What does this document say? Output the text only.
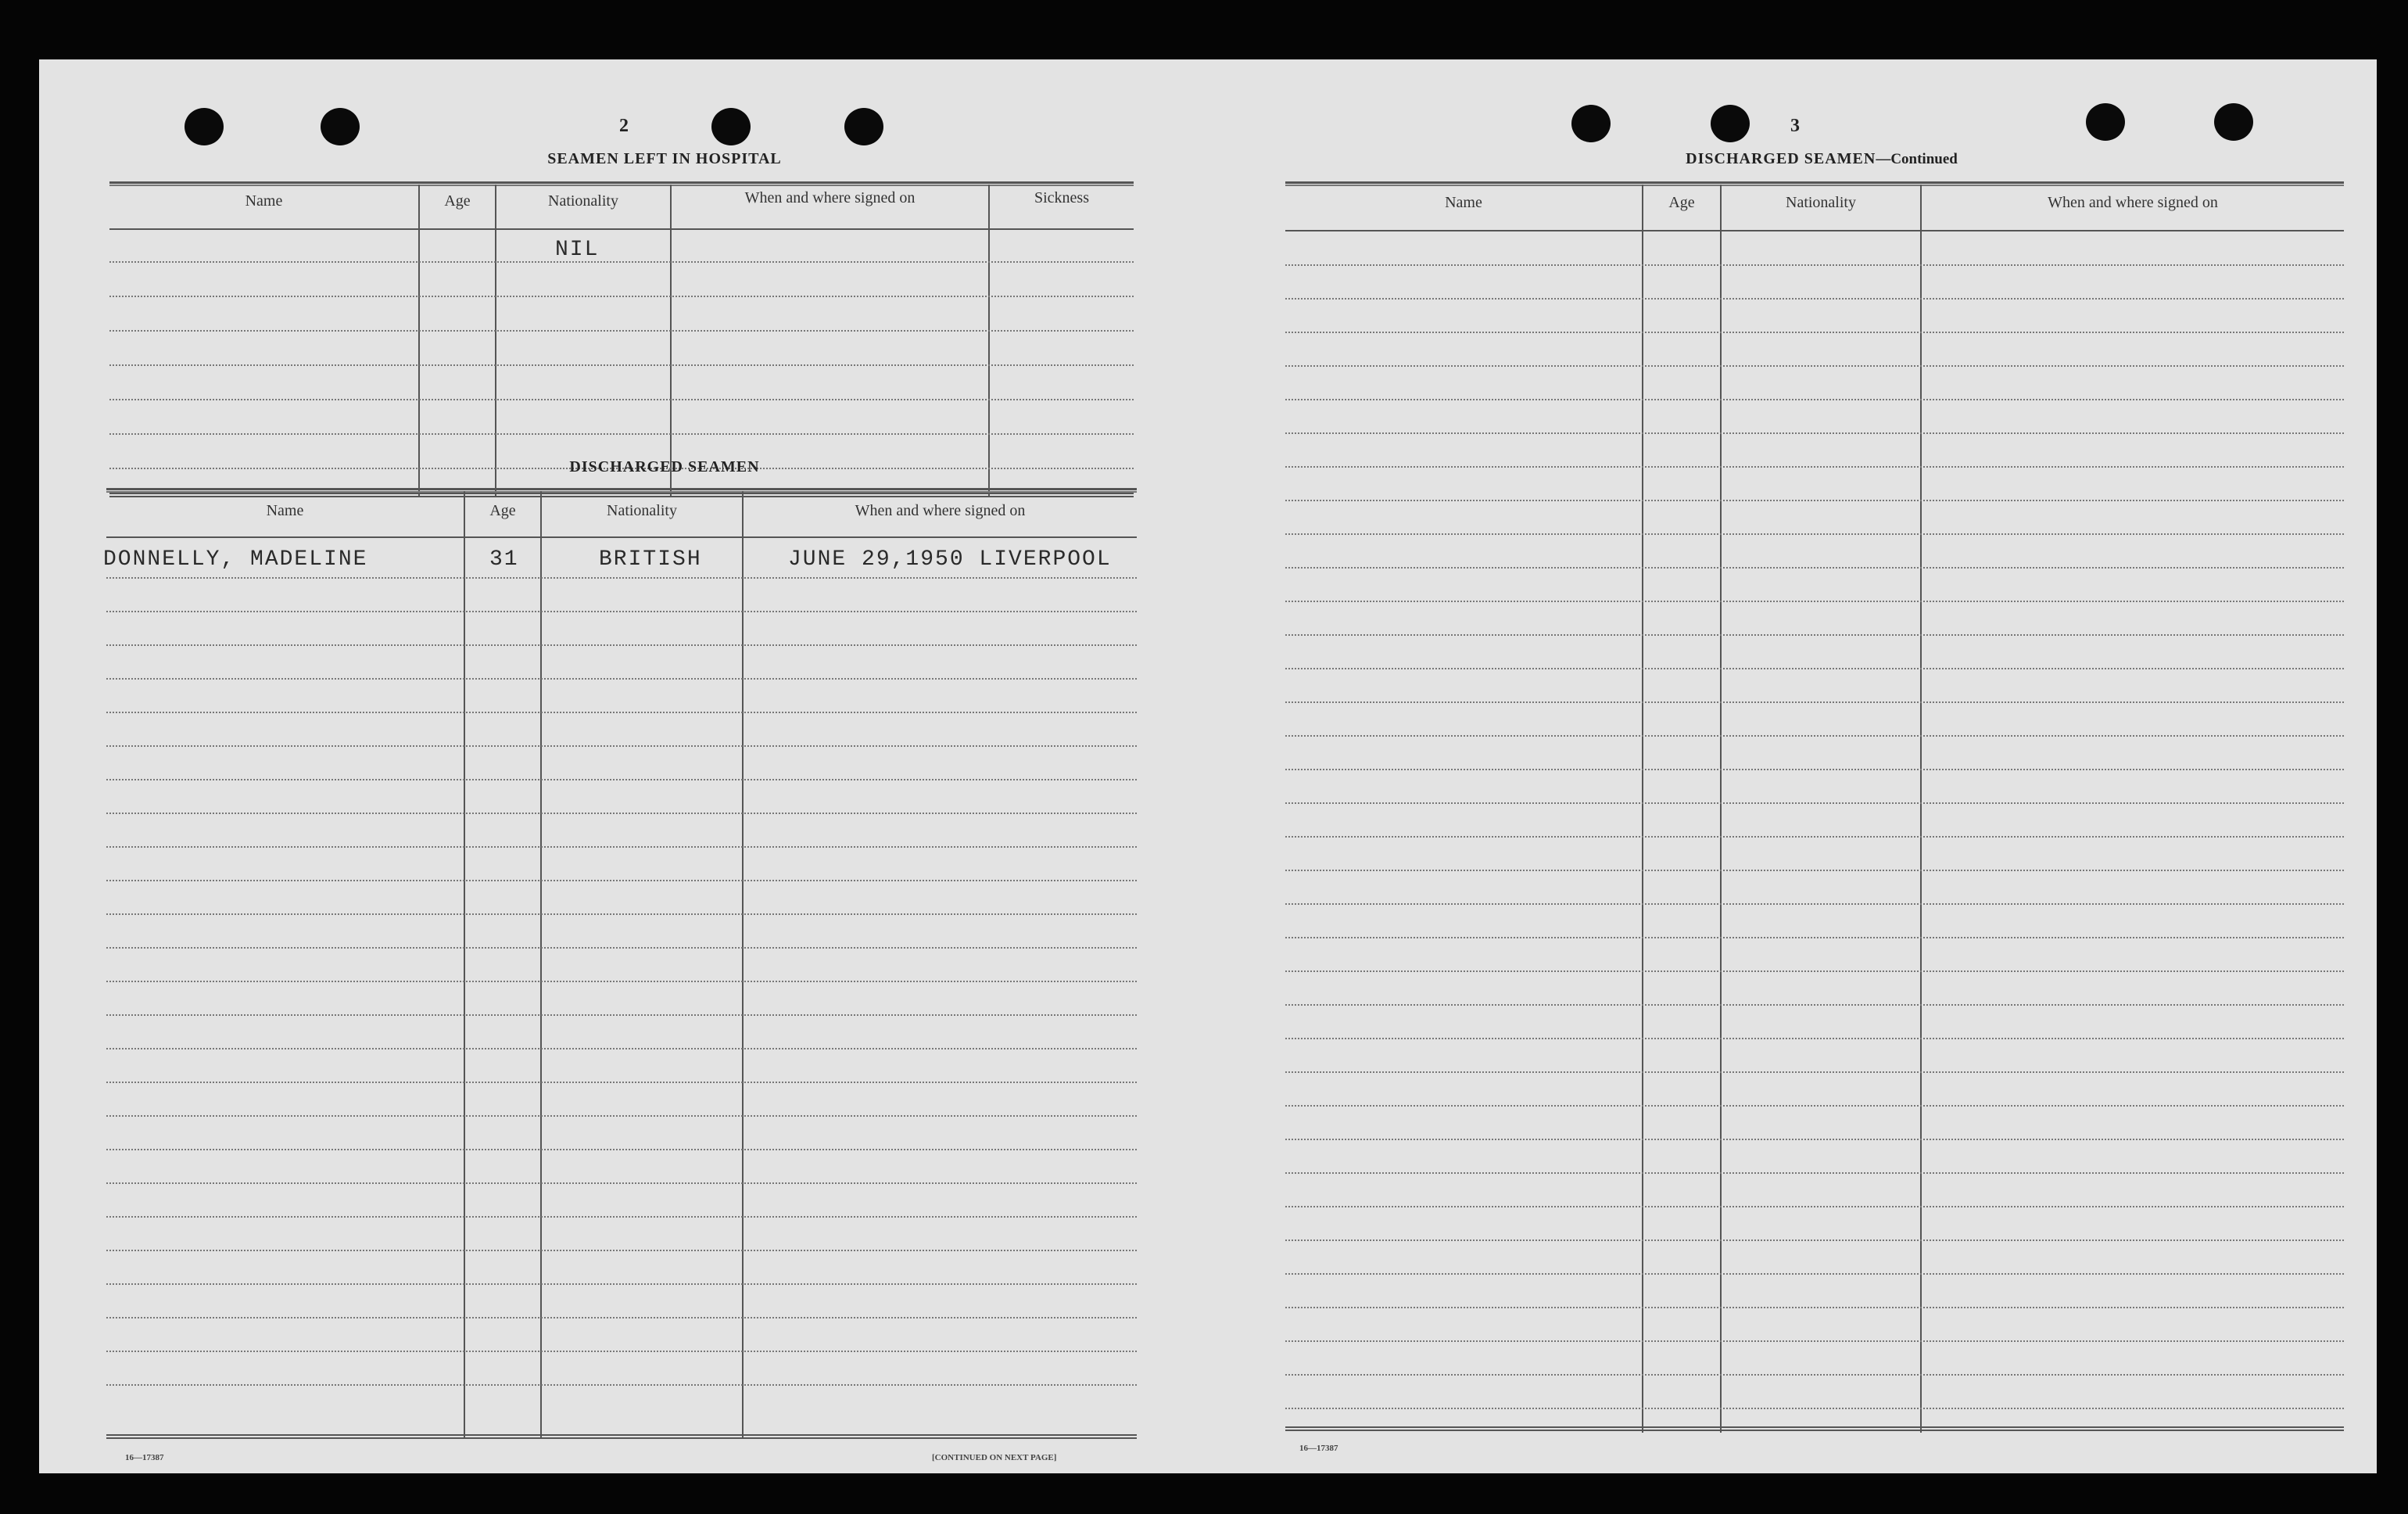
2
SEAMEN LEFT IN HOSPITAL
Name	Age	Nationality	When and where signed on	Sickness
NIL
DISCHARGED SEAMEN
Name	Age	Nationality	When and where signed on
DONNELLY, MADELINE	31	BRITISH	JUNE 29,1950 LIVERPOOL
16—17387	[CONTINUED ON NEXT PAGE]
3
DISCHARGED SEAMEN—Continued
Name	Age	Nationality	When and where signed on
16—17387
